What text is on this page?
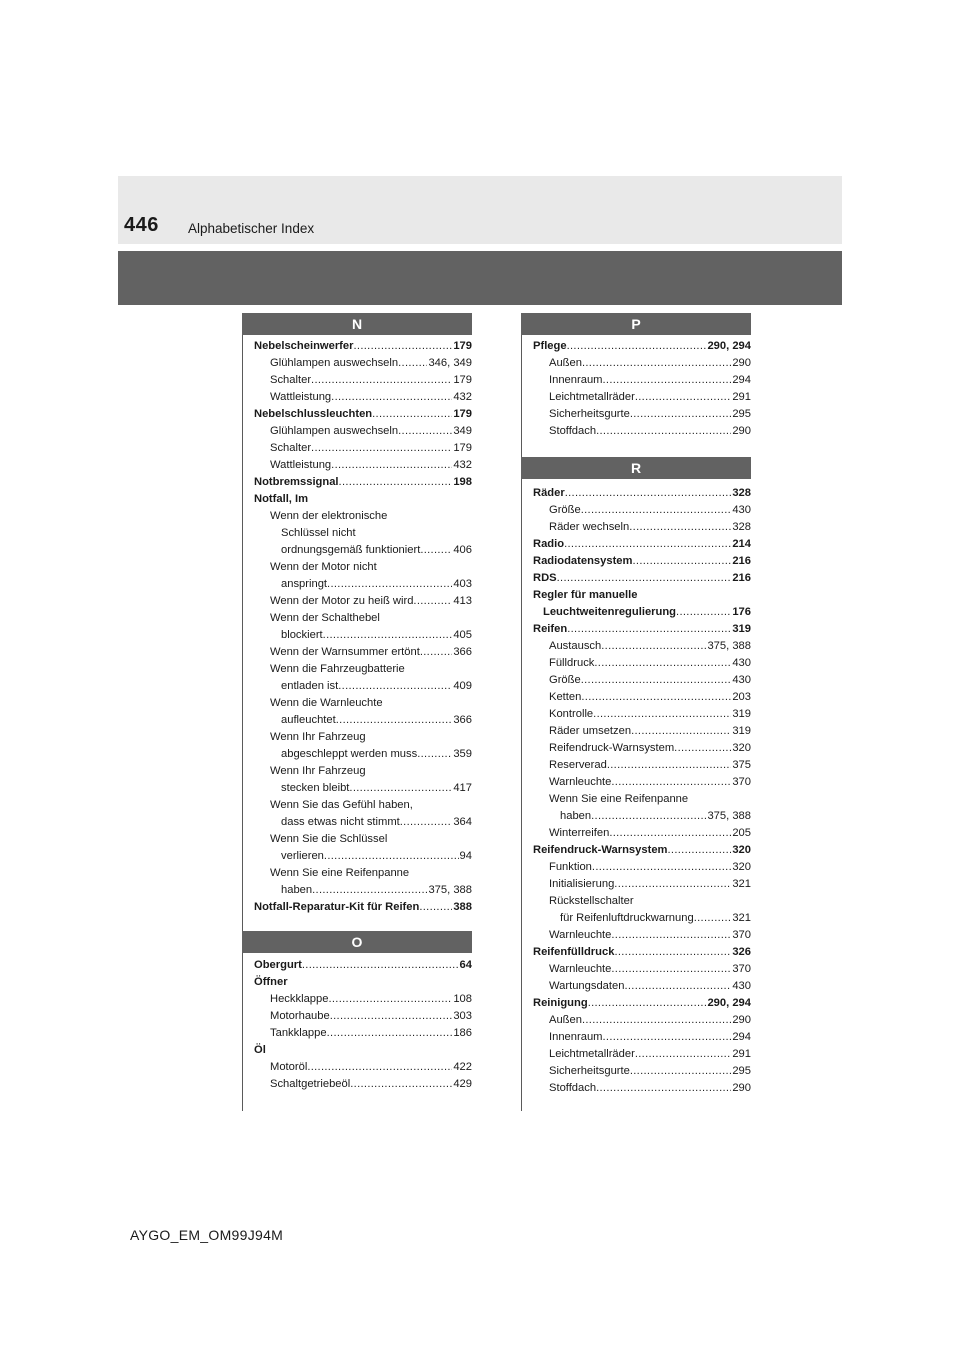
446 Alphabetischer Index
N
Nebelscheinwerfer . . .	179
Glühlampen auswechseln . . .	346, 349
Schalter . . .	179
Wattleistung . . .	432
Nebelschlussleuchten . . .	179
Glühlampen auswechseln . . .	349
Schalter . . .	179
Wattleistung . . .	432
Notbremssignal . . .	198
Notfall, Im
Wenn der elektronische
Schlüssel nicht
ordnungsgemäß funktioniert . . .	406
Wenn der Motor nicht
anspringt . . .	403
Wenn der Motor zu heiß wird . . .	413
Wenn der Schalthebel
blockiert . . .	405
Wenn der Warnsummer ertönt . . .	366
Wenn die Fahrzeugbatterie
entladen ist . . .	409
Wenn die Warnleuchte
aufleuchtet . . .	366
Wenn Ihr Fahrzeug
abgeschleppt werden muss . . .	359
Wenn Ihr Fahrzeug
stecken bleibt . . .	417
Wenn Sie das Gefühl haben,
dass etwas nicht stimmt . . .	364
Wenn Sie die Schlüssel
verlieren . . .	94
Wenn Sie eine Reifenpanne
haben . . .	375, 388
Notfall-Reparatur-Kit für Reifen . . .	388
O
Obergurt . . .	64
Öffner
Heckklappe . . .	108
Motorhaube . . .	303
Tankklappe . . .	186
Öl
Motoröl . . .	422
Schaltgetriebeöl . . .	429
P
Pflege . . .	290, 294
Außen . . .	290
Innenraum . . .	294
Leichtmetallräder . . .	291
Sicherheitsgurte . . .	295
Stoffdach . . .	290
R
Räder . . .	328
Größe . . .	430
Räder wechseln . . .	328
Radio . . .	214
Radiodatensystem . . .	216
RDS . . .	216
Regler für manuelle
Leuchtweitenregulierung . . .	176
Reifen . . .	319
Austausch . . .	375, 388
Fülldruck . . .	430
Größe . . .	430
Ketten . . .	203
Kontrolle . . .	319
Räder umsetzen . . .	319
Reifendruck-Warnsystem . . .	320
Reserverad . . .	375
Warnleuchte . . .	370
Wenn Sie eine Reifenpanne
haben . . .	375, 388
Winterreifen . . .	205
Reifendruck-Warnsystem . . .	320
Funktion . . .	320
Initialisierung . . .	321
Rückstellschalter
für Reifenluftdruckwarnung . . .	321
Warnleuchte . . .	370
Reifenfülldruck . . .	326
Warnleuchte . . .	370
Wartungsdaten . . .	430
Reinigung . . .	290, 294
Außen . . .	290
Innenraum . . .	294
Leichtmetallräder . . .	291
Sicherheitsgurte . . .	295
Stoffdach . . .	290
AYGO_EM_OM99J94M
